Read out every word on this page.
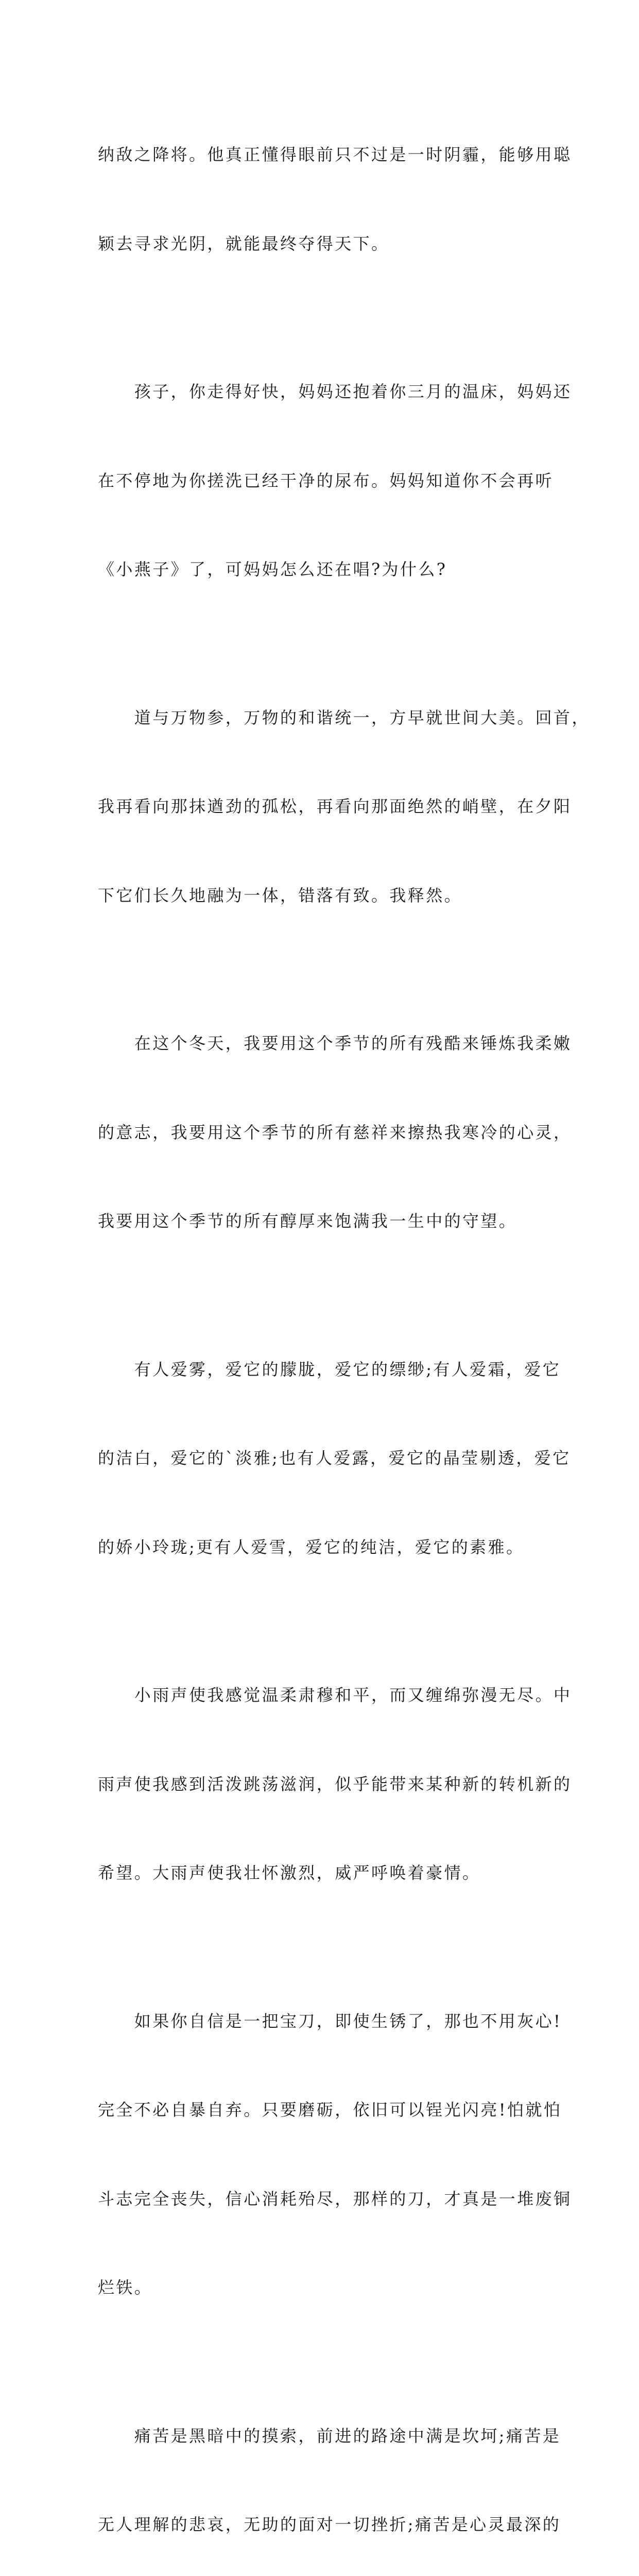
纳敌之降将。他真正懂得眼前只不过是一时阴霾，能够用聪

颖去寻求光阴，就能最终夺得天下。

　　孩子，你走得好快，妈妈还抱着你三月的温床，妈妈还

在不停地为你搓洗已经干净的尿布。妈妈知道你不会再听

《小燕子》了，可妈妈怎么还在唱?为什么?

　　道与万物参，万物的和谐统一，方早就世间大美。回首，

我再看向那抹遒劲的孤松，再看向那面绝然的峭壁，在夕阳

下它们长久地融为一体，错落有致。我释然。

　　在这个冬天，我要用这个季节的所有残酷来锤炼我柔嫩

的意志，我要用这个季节的所有慈祥来擦热我寒冷的心灵，

我要用这个季节的所有醇厚来饱满我一生中的守望。

　　有人爱雾，爱它的朦胧，爱它的缥缈;有人爱霜，爱它

的洁白，爱它的`淡雅;也有人爱露，爱它的晶莹剔透，爱它

的娇小玲珑;更有人爱雪，爱它的纯洁，爱它的素雅。

　　小雨声使我感觉温柔肃穆和平，而又缠绵弥漫无尽。中

雨声使我感到活泼跳荡滋润，似乎能带来某种新的转机新的

希望。大雨声使我壮怀激烈，威严呼唤着豪情。

　　如果你自信是一把宝刀，即使生锈了，那也不用灰心!

完全不必自暴自弃。只要磨砺，依旧可以锃光闪亮!怕就怕

斗志完全丧失，信心消耗殆尽，那样的刀，才真是一堆废铜

烂铁。

　　痛苦是黑暗中的摸索，前进的路途中满是坎坷;痛苦是

无人理解的悲哀，无助的面对一切挫折;痛苦是心灵最深的
